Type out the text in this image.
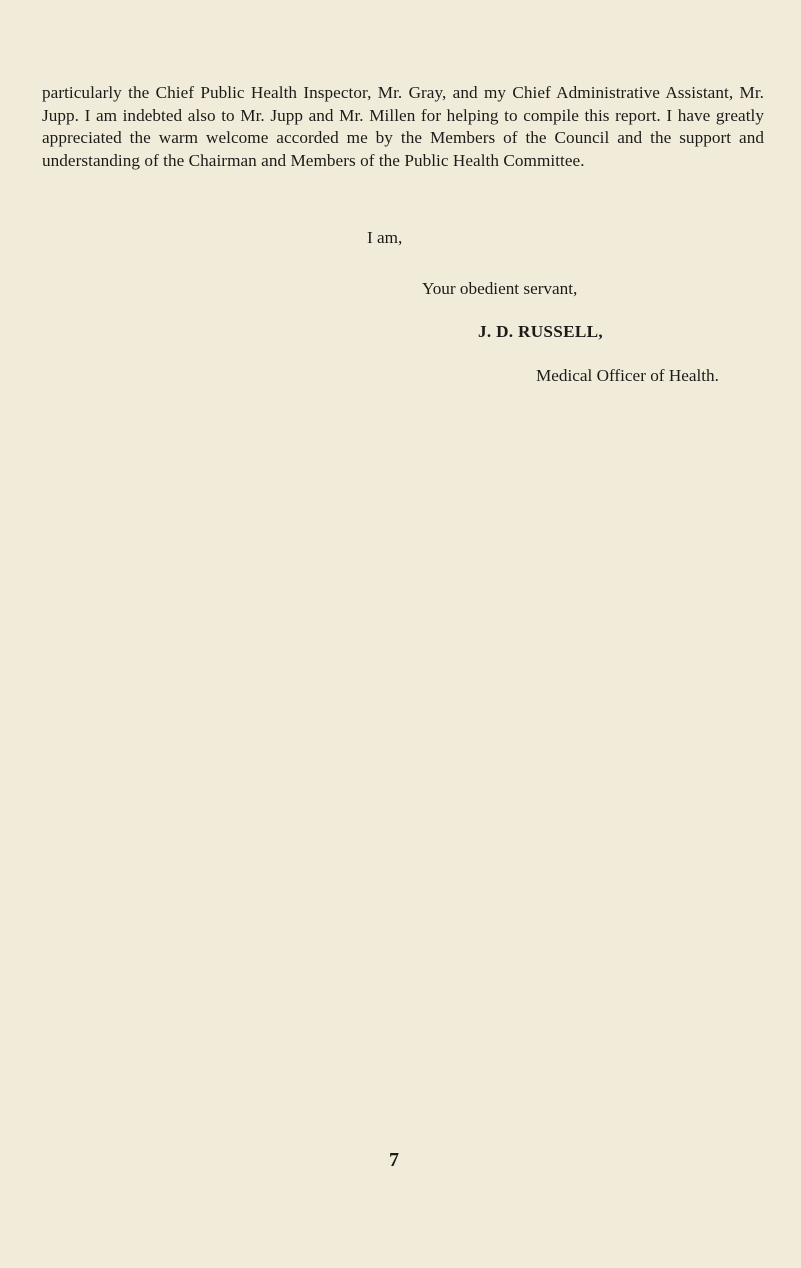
particularly the Chief Public Health Inspector, Mr. Gray, and my Chief Administrative Assistant, Mr. Jupp. I am indebted also to Mr. Jupp and Mr. Millen for helping to compile this report. I have greatly appreciated the warm welcome accorded me by the Members of the Council and the support and understanding of the Chairman and Members of the Public Health Committee.

I am,
Your obedient servant,
J. D. RUSSELL,
Medical Officer of Health.
7
